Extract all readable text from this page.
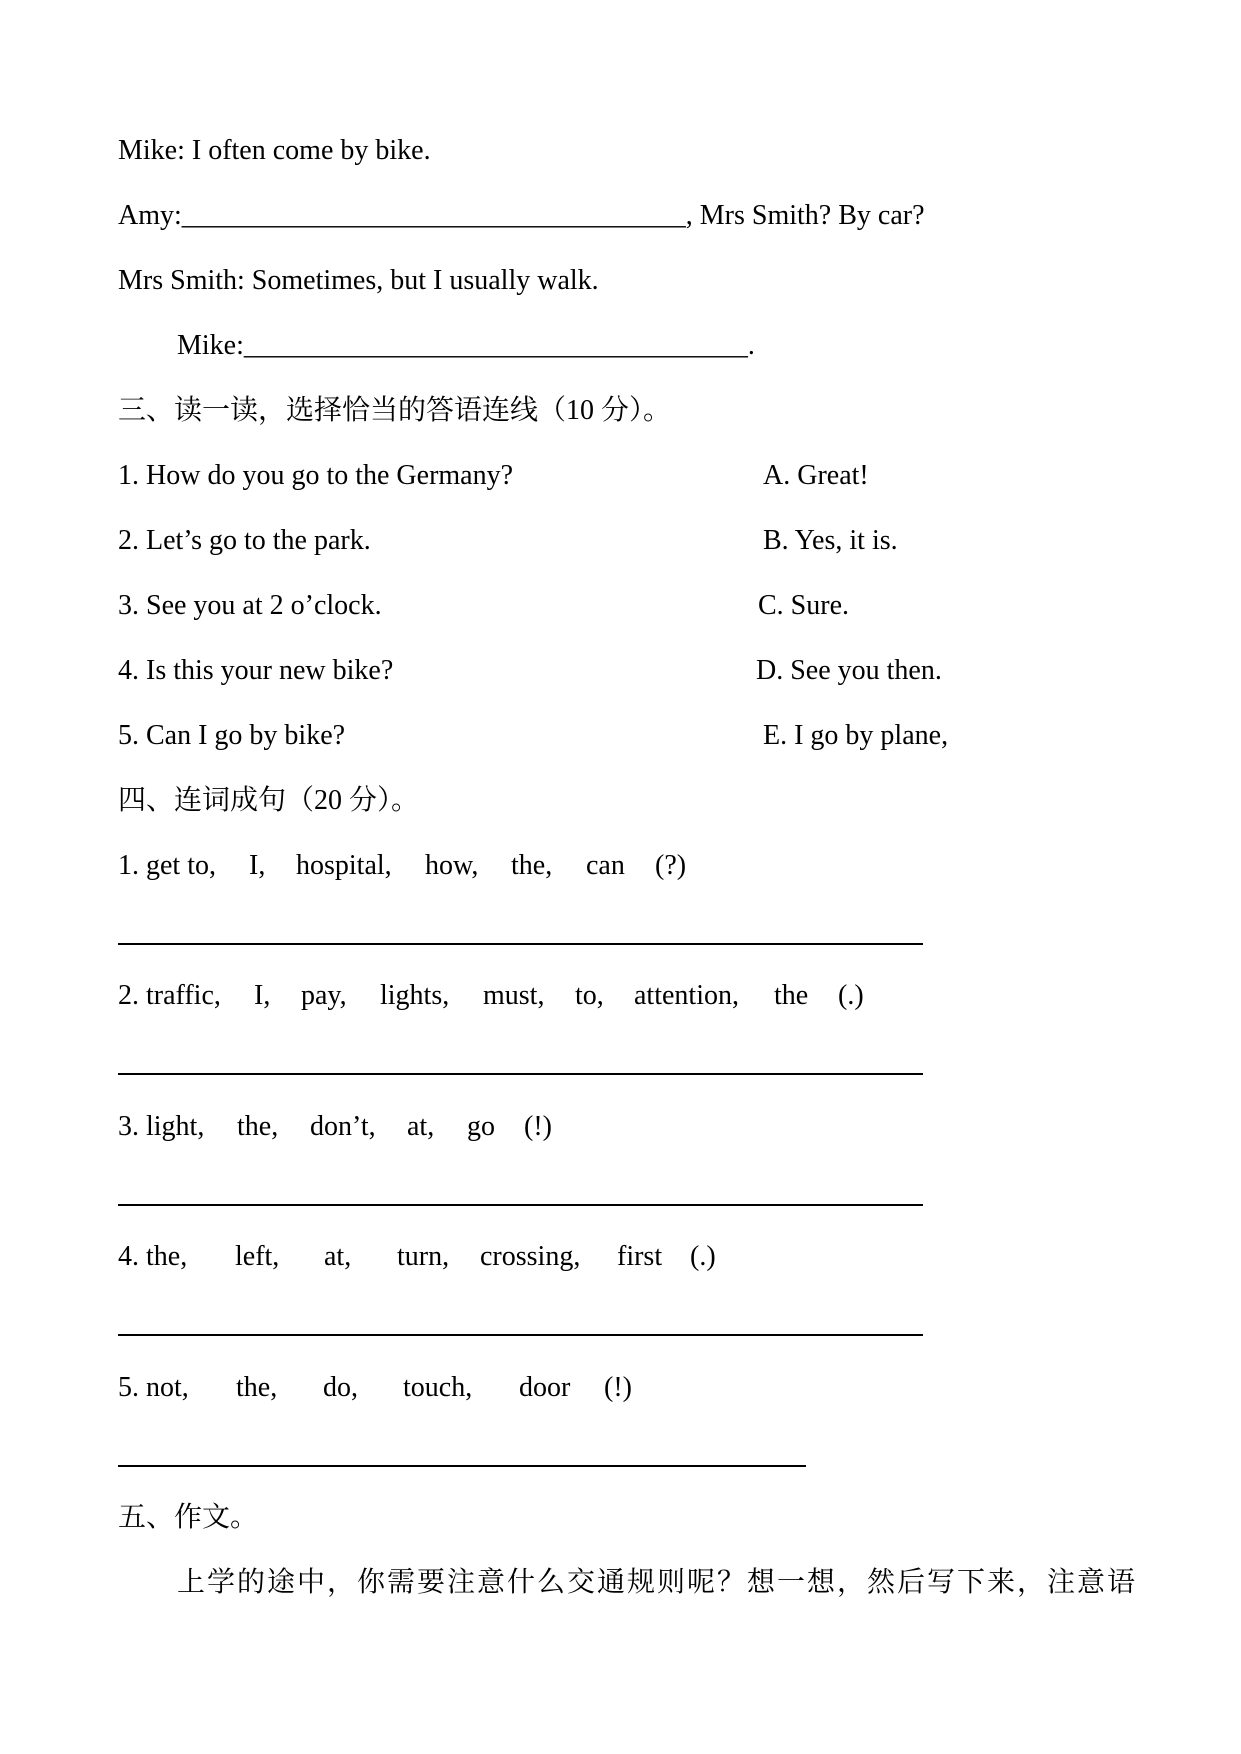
Mike: I often come by bike.
Amy:____________________________________, Mrs Smith? By car?
Mrs Smith: Sometimes, but I usually walk.
Mike:____________________________________.
三、读一读，选择恰当的答语连线（10 分）。
1. How do you go to the Germany?
2. Let’s go to the park.
3. See you at 2 o’clock.
4. Is this your new bike?
5. Can I go by bike?
A. Great!
B. Yes, it is.
C. Sure.
D. See you then.
E. I go by plane,
四、连词成句（20 分）。

1. get to,

I,

hospital,

how,

the,

can

(?)

2. traffic,

I,

pay,

lights,

must,

to,

attention,

the

(.)

3. light,

the,

don’t,

at,

go

(!)

4. the,

left,

at,

turn,

crossing,

first

(.)

5. not,

the,

do,

touch,

door

(!)

五、作文。
上学的途中，你需要注意什么交通规则呢？想一想，然后写下来，注意语
